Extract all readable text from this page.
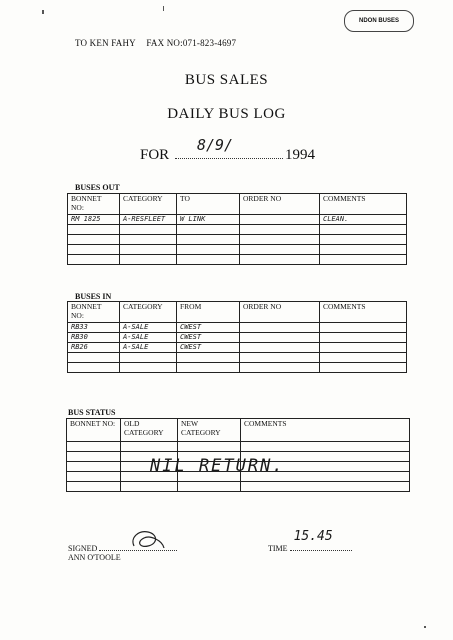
TO KEN FAHY FAX NO:071-823-4697
NDON BUSES
BUS SALES
DAILY BUS LOG
FOR
8/9/
1994
BUSES OUT
BONNET NO:	CATEGORY	TO	ORDER NO	COMMENTS
RM 1825	A-RESFLEET	W LINK		CLEAN.

BUSES IN
BONNET NO:	CATEGORY	FROM	ORDER NO	COMMENTS
RB33	A-SALE	CWEST		
RB30	A-SALE	CWEST		
RB26	A-SALE	CWEST		

BUS STATUS
BONNET NO:	OLD CATEGORY	NEW CATEGORY	COMMENTS

NIL RETURN.
SIGNED
ANN O'TOOLE
TIME
15.45
